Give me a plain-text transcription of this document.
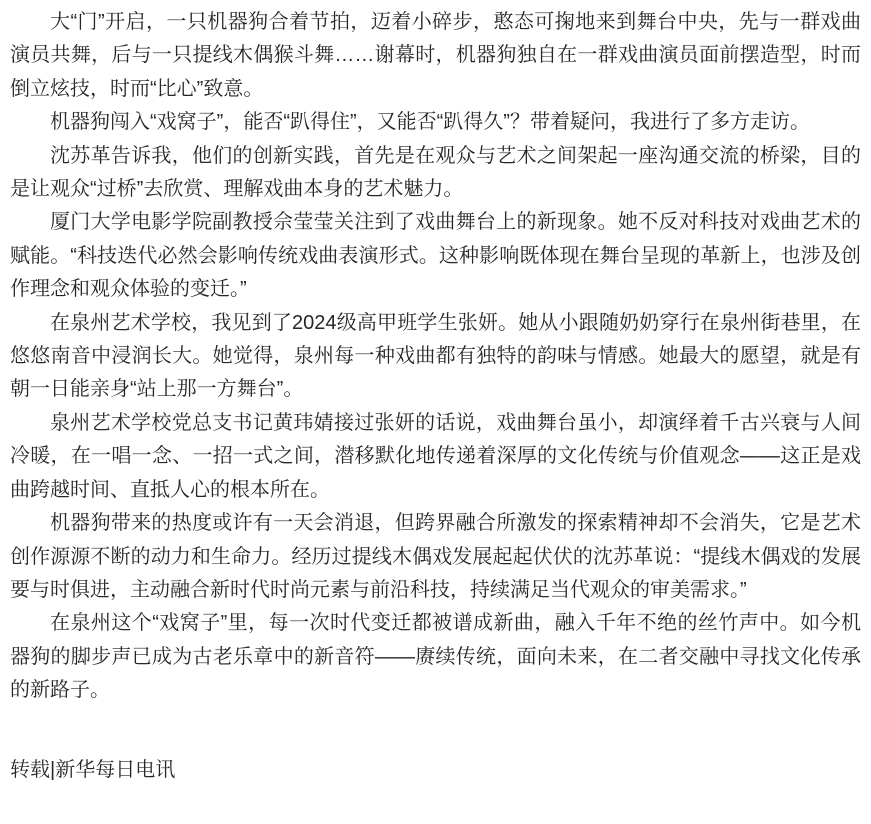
大“门”开启，一只机器狗合着节拍，迈着小碎步，憨态可掬地来到舞台中央，先与一群戏曲演员共舞，后与一只提线木偶猴斗舞……谢幕时，机器狗独自在一群戏曲演员面前摆造型，时而倒立炫技，时而“比心”致意。

机器狗闯入“戏窝子”，能否“趴得住”，又能否“趴得久”？带着疑问，我进行了多方走访。

沈苏革告诉我，他们的创新实践，首先是在观众与艺术之间架起一座沟通交流的桥梁，目的是让观众“过桥”去欣赏、理解戏曲本身的艺术魅力。

厦门大学电影学院副教授佘莹莹关注到了戏曲舞台上的新现象。她不反对科技对戏曲艺术的赋能。“科技迭代必然会影响传统戏曲表演形式。这种影响既体现在舞台呈现的革新上，也涉及创作理念和观众体验的变迁。”

在泉州艺术学校，我见到了2024级高甲班学生张妍。她从小跟随奶奶穿行在泉州街巷里，在悠悠南音中浸润长大。她觉得，泉州每一种戏曲都有独特的韵味与情感。她最大的愿望，就是有朝一日能亲身“站上那一方舞台”。

泉州艺术学校党总支书记黄玮婧接过张妍的话说，戏曲舞台虽小，却演绎着千古兴衰与人间冷暖，在一唱一念、一招一式之间，潜移默化地传递着深厚的文化传统与价值观念——这正是戏曲跨越时间、直抵人心的根本所在。

机器狗带来的热度或许有一天会消退，但跨界融合所激发的探索精神却不会消失，它是艺术创作源源不断的动力和生命力。经历过提线木偶戏发展起起伏伏的沈苏革说：“提线木偶戏的发展要与时俱进，主动融合新时代时尚元素与前沿科技，持续满足当代观众的审美需求。”

在泉州这个“戏窝子”里，每一次时代变迁都被谱成新曲，融入千年不绝的丝竹声中。如今机器狗的脚步声已成为古老乐章中的新音符——赓续传统，面向未来，在二者交融中寻找文化传承的新路子。

转载|新华每日电讯
